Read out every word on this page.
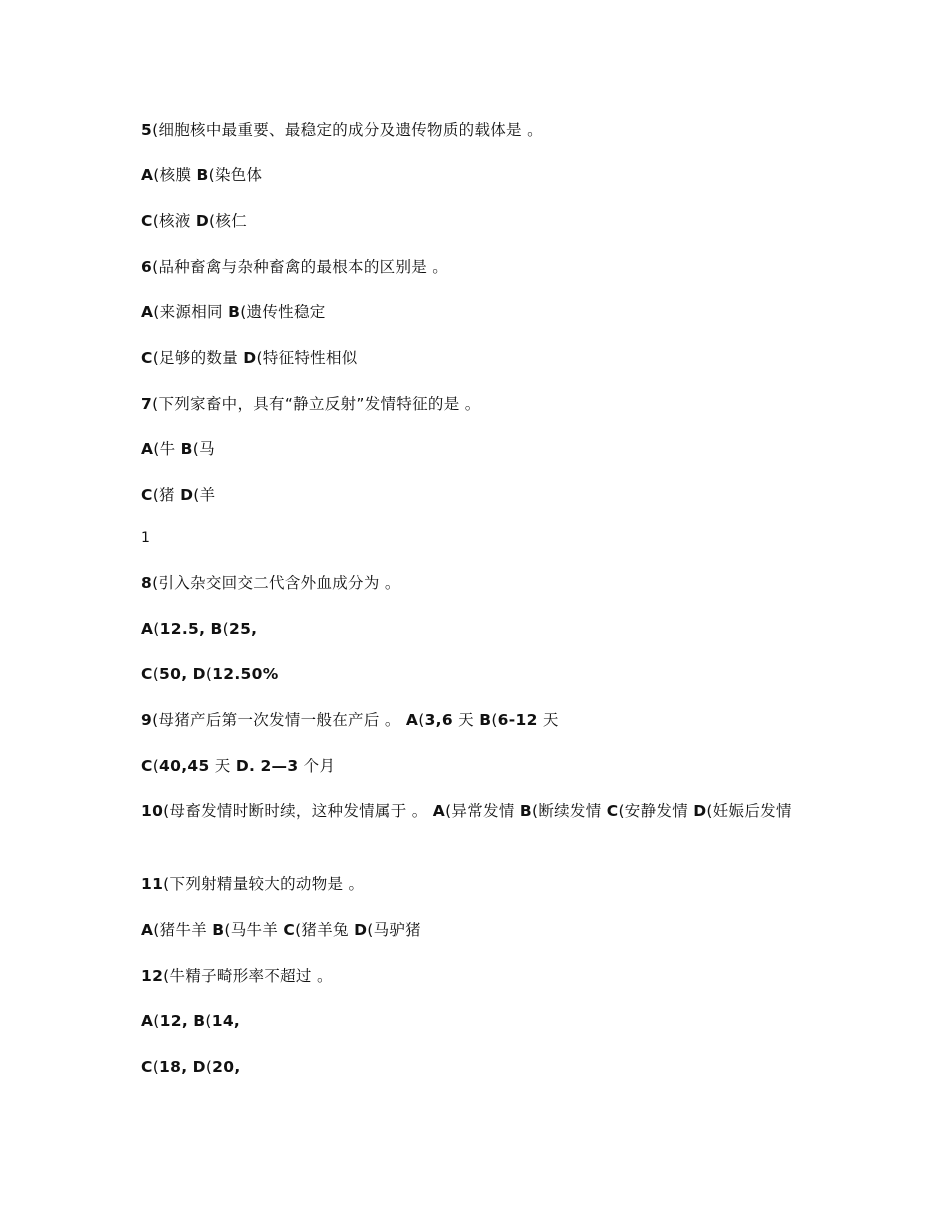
5(细胞核中最重要、最稳定的成分及遗传物质的载体是 。
A(核膜 B(染色体
C(核液 D(核仁
6(品种畜禽与杂种畜禽的最根本的区别是 。
A(来源相同 B(遗传性稳定
C(足够的数量 D(特征特性相似
7(下列家畜中，具有“静立反射”发情特征的是 。
A(牛 B(马
C(猪 D(羊
1
8(引入杂交回交二代含外血成分为 。
A(12.5, B(25,
C(50, D(12.50%
9(母猪产后第一次发情一般在产后 。 A(3,6 天 B(6-12 天
C(40,45 天 D. 2—3 个月
10(母畜发情时断时续，这种发情属于 。 A(异常发情 B(断续发情 C(安静发情 D(妊娠后发情
11(下列射精量较大的动物是 。
A(猪牛羊 B(马牛羊 C(猪羊兔 D(马驴猪
12(牛精子畸形率不超过 。
A(12, B(14,
C(18, D(20,
